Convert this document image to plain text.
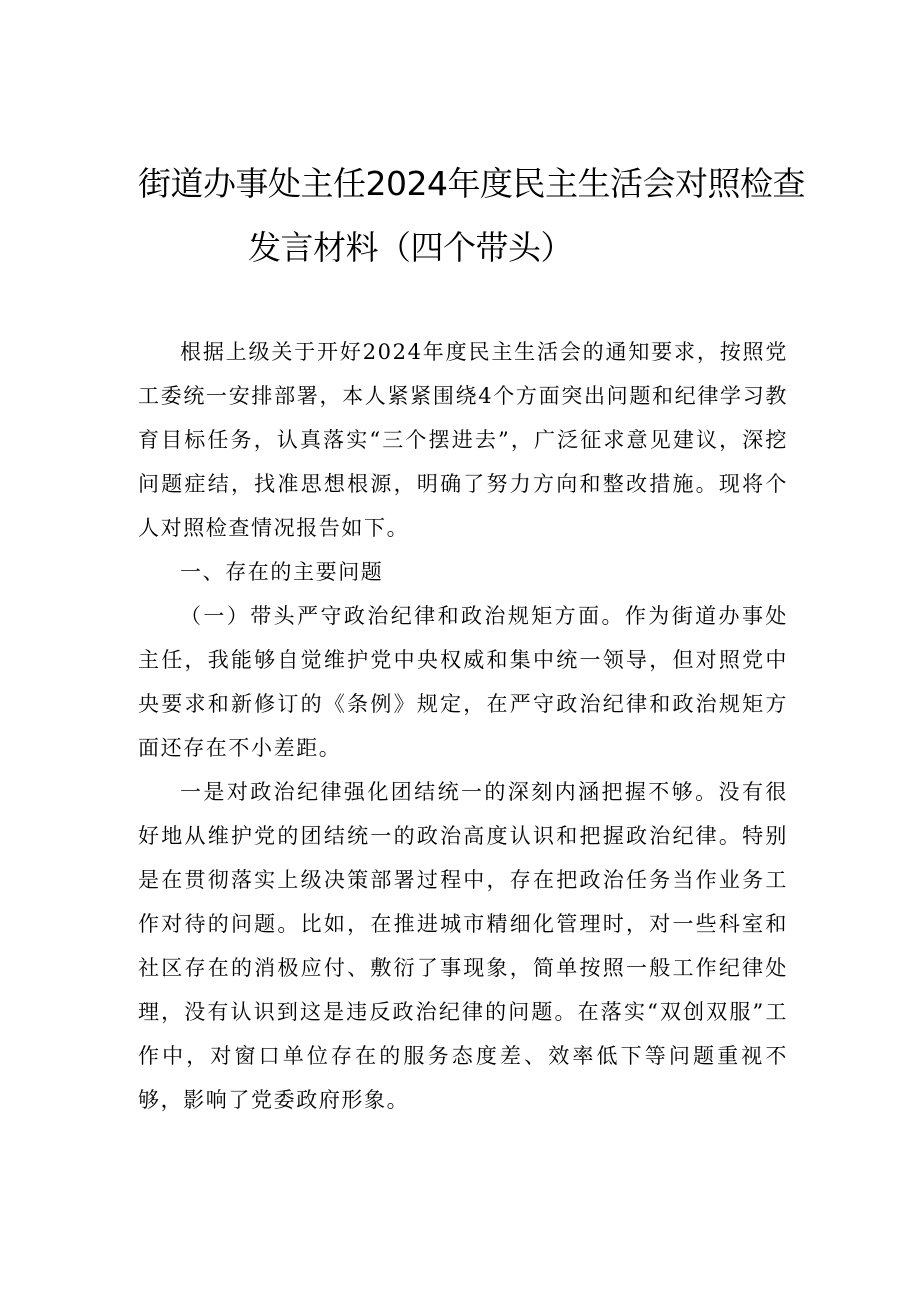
街道办事处主任2024年度民主生活会对照检查
发言材料（四个带头）

根据上级关于开好2024年度民主生活会的通知要求，按照党工委统一安排部署，本人紧紧围绕4个方面突出问题和纪律学习教育目标任务，认真落实“三个摆进去”，广泛征求意见建议，深挖问题症结，找准思想根源，明确了努力方向和整改措施。现将个人对照检查情况报告如下。

一、存在的主要问题

（一）带头严守政治纪律和政治规矩方面。作为街道办事处主任，我能够自觉维护党中央权威和集中统一领导，但对照党中央要求和新修订的《条例》规定，在严守政治纪律和政治规矩方面还存在不小差距。

一是对政治纪律强化团结统一的深刻内涵把握不够。没有很好地从维护党的团结统一的政治高度认识和把握政治纪律。特别是在贯彻落实上级决策部署过程中，存在把政治任务当作业务工作对待的问题。比如，在推进城市精细化管理时，对一些科室和社区存在的消极应付、敷衍了事现象，简单按照一般工作纪律处理，没有认识到这是违反政治纪律的问题。在落实“双创双服”工作中，对窗口单位存在的服务态度差、效率低下等问题重视不够，影响了党委政府形象。
